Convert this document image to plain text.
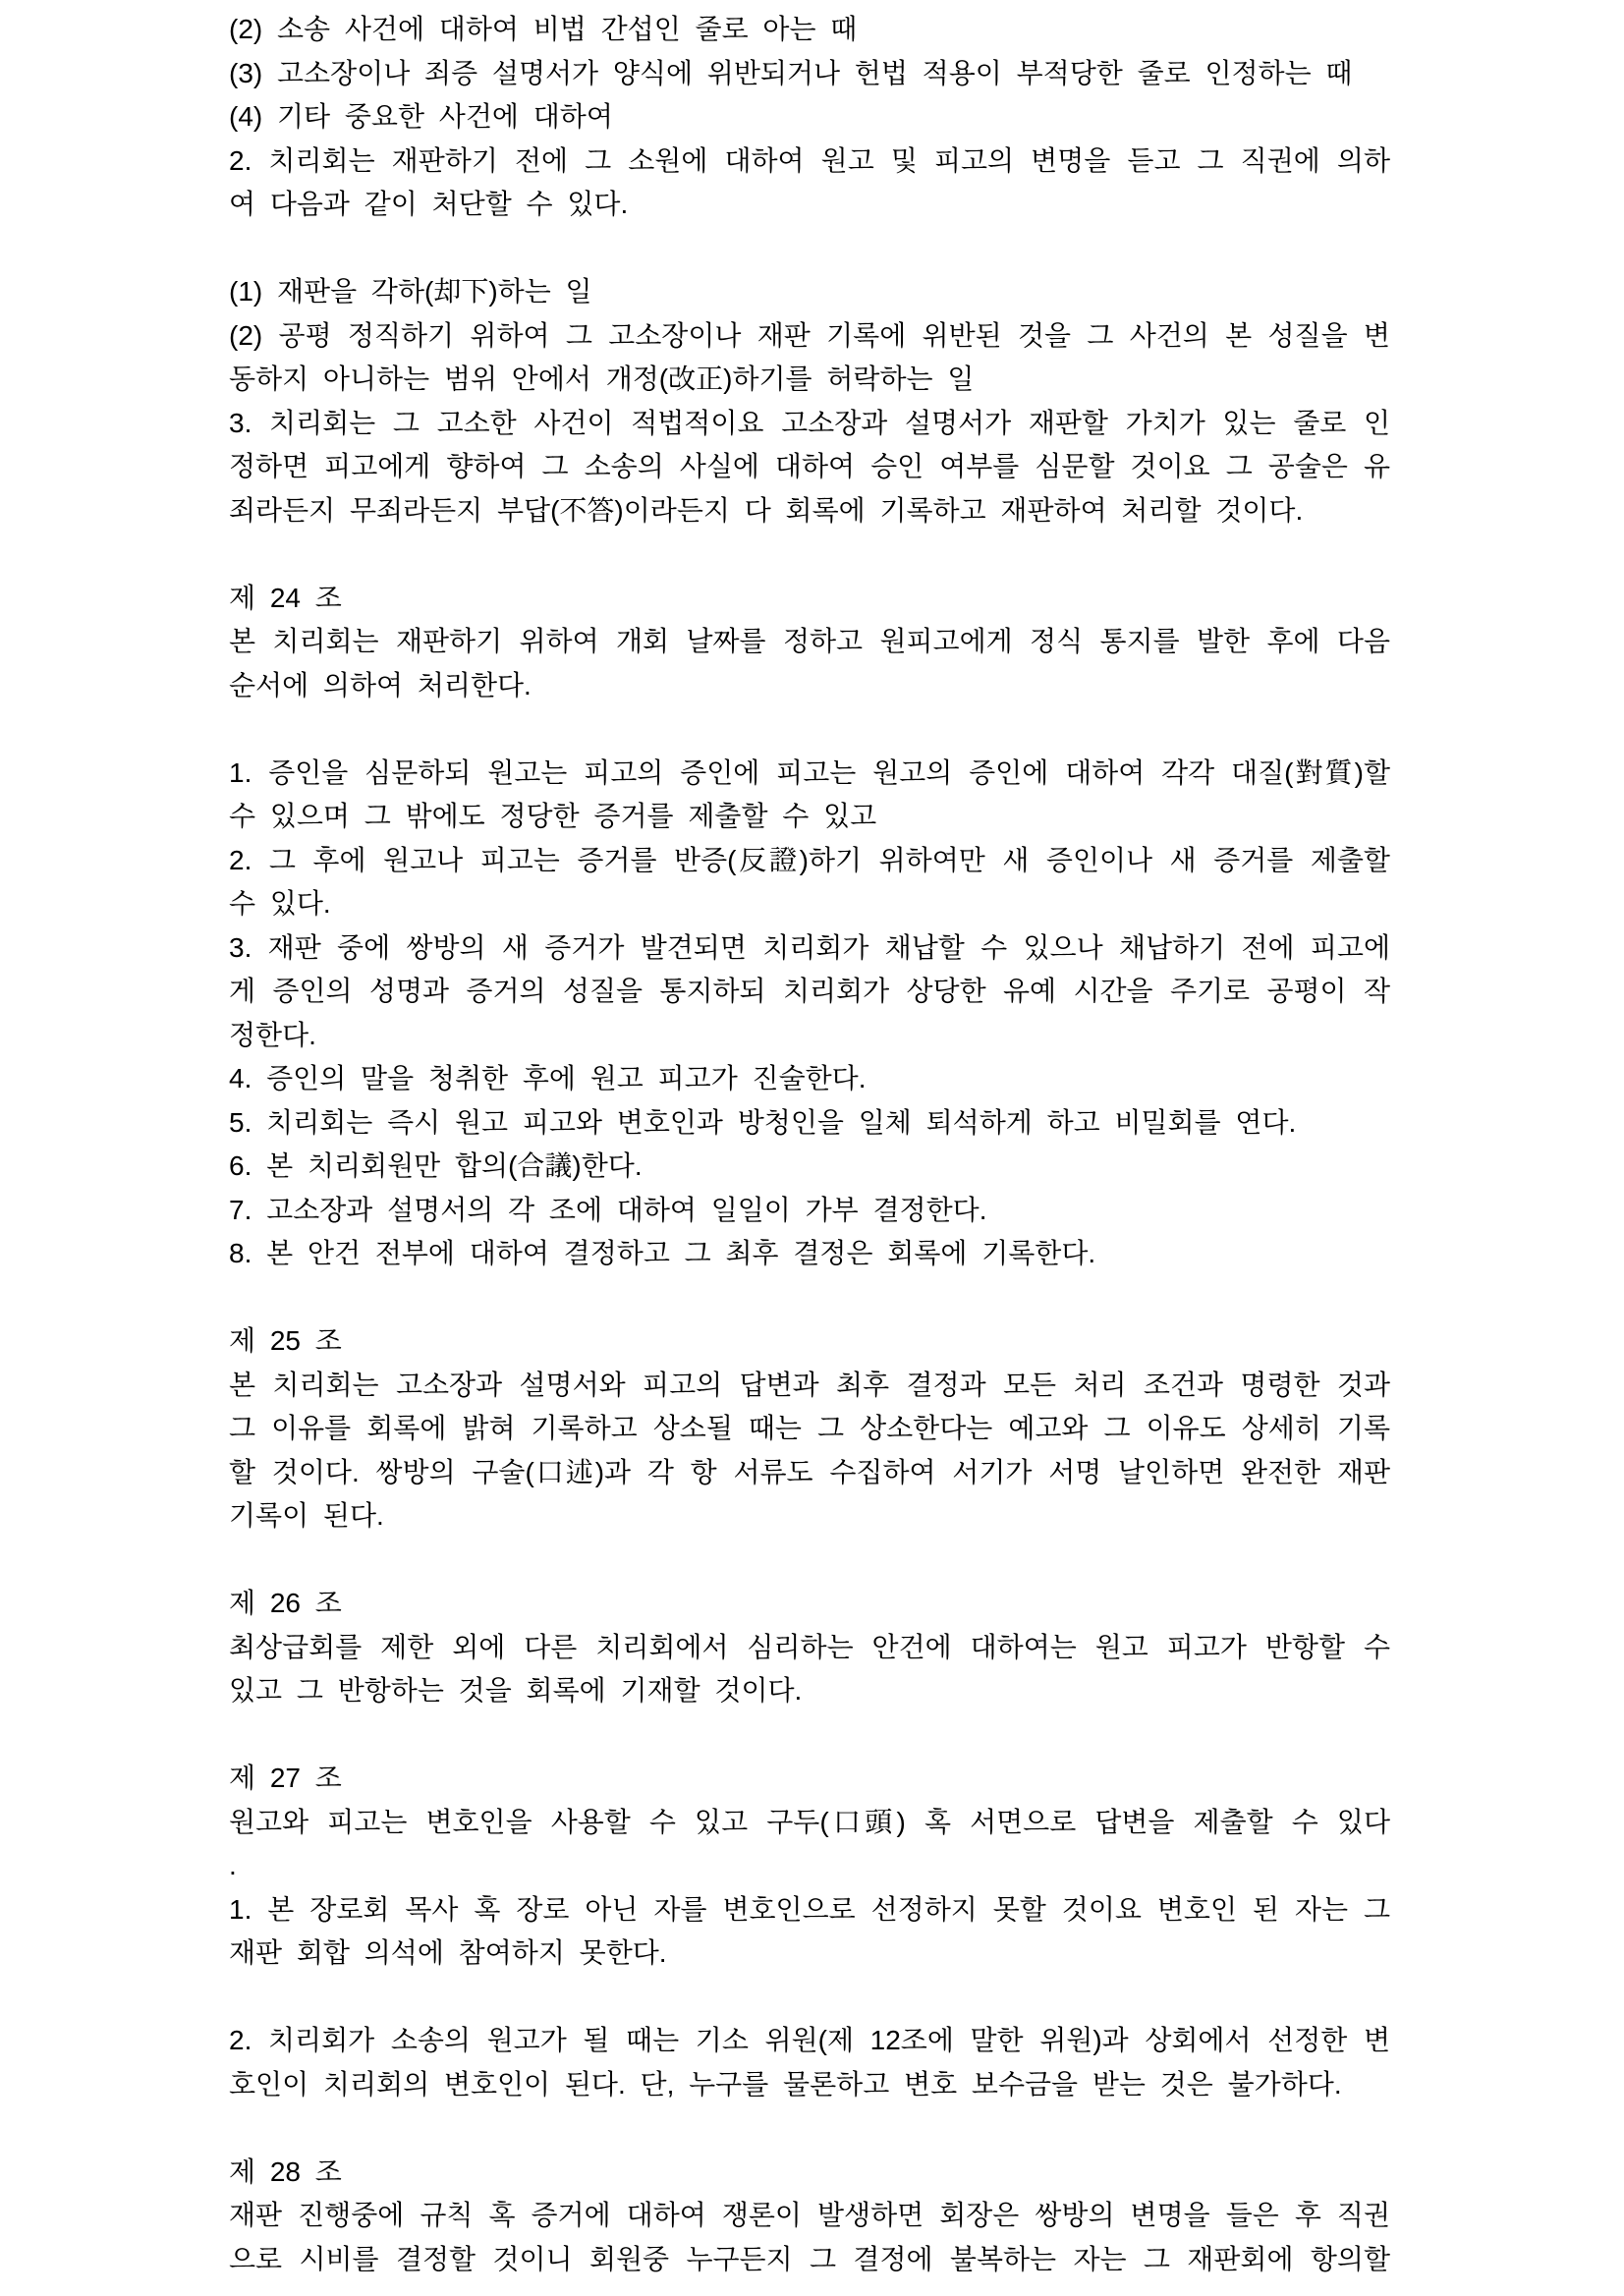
(2) 소송 사건에 대하여 비법 간섭인 줄로 아는 때
(3) 고소장이나 죄증 설명서가 양식에 위반되거나 헌법 적용이 부적당한 줄로 인정하는 때
(4) 기타 중요한 사건에 대하여
2. 치리회는 재판하기 전에 그 소원에 대하여 원고 및 피고의 변명을 듣고 그 직권에 의하
여 다음과 같이 처단할 수 있다.

(1) 재판을 각하(却下)하는 일
(2) 공평 정직하기 위하여 그 고소장이나 재판 기록에 위반된 것을 그 사건의 본 성질을 변
동하지 아니하는 범위 안에서 개정(改正)하기를 허락하는 일
3. 치리회는 그 고소한 사건이 적법적이요 고소장과 설명서가 재판할 가치가 있는 줄로 인
정하면 피고에게 향하여 그 소송의 사실에 대하여 승인 여부를 심문할 것이요 그 공술은 유
죄라든지 무죄라든지 부답(不答)이라든지 다 회록에 기록하고 재판하여 처리할 것이다.

제 24 조
본 치리회는 재판하기 위하여 개회 날짜를 정하고 원피고에게 정식 통지를 발한 후에 다음
순서에 의하여 처리한다.

1. 증인을 심문하되 원고는 피고의 증인에 피고는 원고의 증인에 대하여 각각 대질(對質)할
수 있으며 그 밖에도 정당한 증거를 제출할 수 있고
2. 그 후에 원고나 피고는 증거를 반증(反證)하기 위하여만 새 증인이나 새 증거를 제출할
수 있다.
3. 재판 중에 쌍방의 새 증거가 발견되면 치리회가 채납할 수 있으나 채납하기 전에 피고에
게 증인의 성명과 증거의 성질을 통지하되 치리회가 상당한 유예 시간을 주기로 공평이 작
정한다.
4. 증인의 말을 청취한 후에 원고 피고가 진술한다.
5. 치리회는 즉시 원고 피고와 변호인과 방청인을 일체 퇴석하게 하고 비밀회를 연다.
6. 본 치리회원만 합의(合議)한다.
7. 고소장과 설명서의 각 조에 대하여 일일이 가부 결정한다.
8. 본 안건 전부에 대하여 결정하고 그 최후 결정은 회록에 기록한다.

제 25 조
본 치리회는 고소장과 설명서와 피고의 답변과 최후 결정과 모든 처리 조건과 명령한 것과
그 이유를 회록에 밝혀 기록하고 상소될 때는 그 상소한다는 예고와 그 이유도 상세히 기록
할 것이다. 쌍방의 구술(口述)과 각 항 서류도 수집하여 서기가 서명 날인하면 완전한 재판
기록이 된다.

제 26 조
최상급회를 제한 외에 다른 치리회에서 심리하는 안건에 대하여는 원고 피고가 반항할 수
있고 그 반항하는 것을 회록에 기재할 것이다.

제 27 조
원고와 피고는 변호인을 사용할 수 있고 구두(口頭) 혹 서면으로 답변을 제출할 수 있다
.
1. 본 장로회 목사 혹 장로 아닌 자를 변호인으로 선정하지 못할 것이요 변호인 된 자는 그
재판 회합 의석에 참여하지 못한다.

2. 치리회가 소송의 원고가 될 때는 기소 위원(제 12조에 말한 위원)과 상회에서 선정한 변
호인이 치리회의 변호인이 된다. 단, 누구를 물론하고 변호 보수금을 받는 것은 불가하다.

제 28 조
재판 진행중에 규칙 혹 증거에 대하여 쟁론이 발생하면 회장은 쌍방의 변명을 들은 후 직권
으로 시비를 결정할 것이니 회원중 누구든지 그 결정에 불복하는 자는 그 재판회에 항의할
